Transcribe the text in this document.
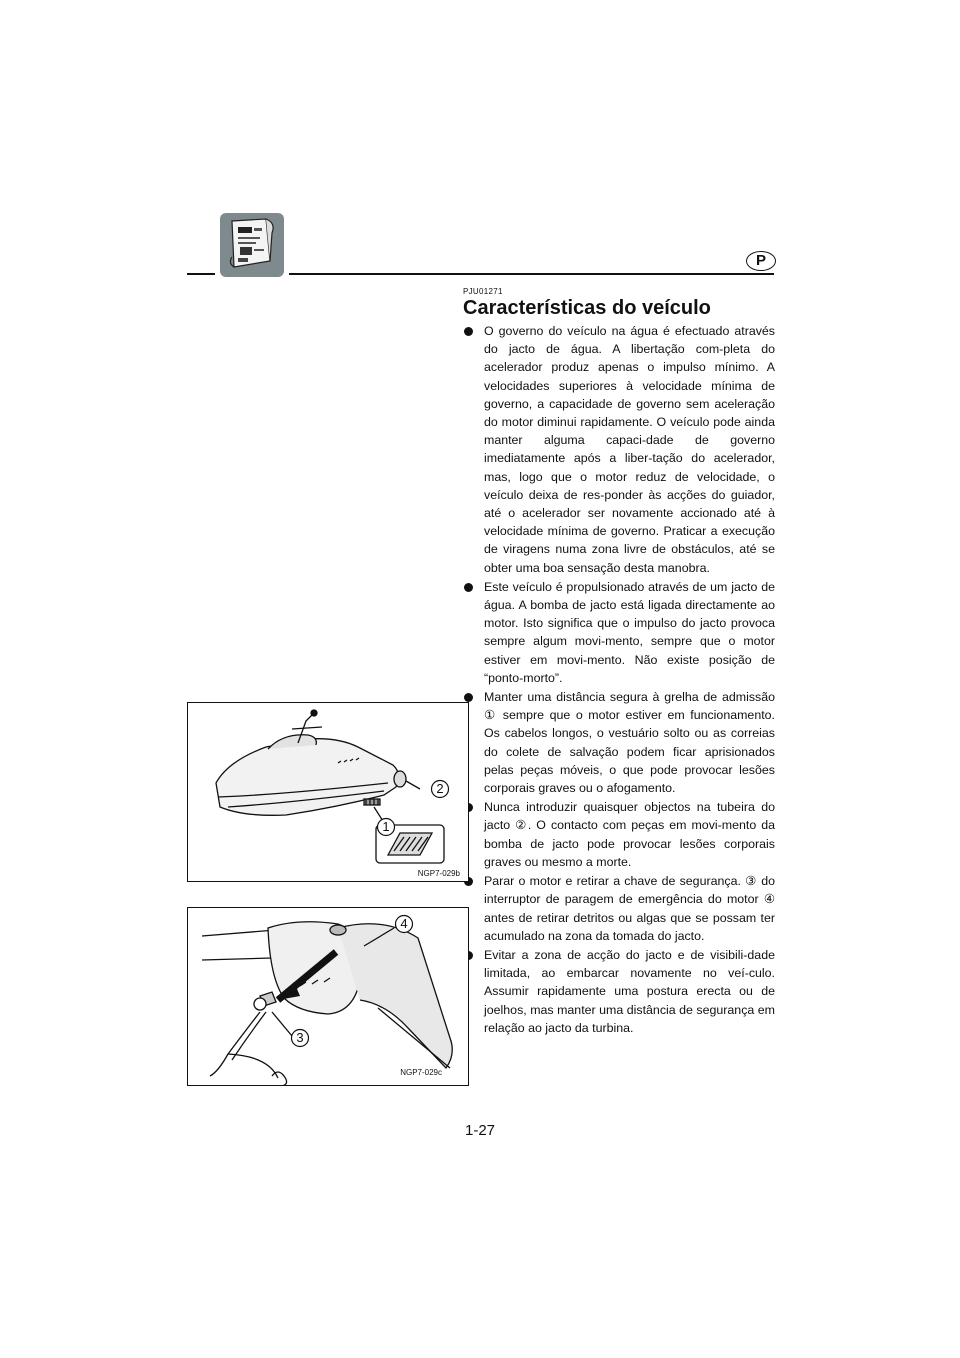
P
PJU01271
Características do veículo
O governo do veículo na água é efectuado através do jacto de água. A libertação com-pleta do acelerador produz apenas o impulso mínimo. A velocidades superiores à velocidade mínima de governo, a capacidade de governo sem aceleração do motor diminui rapidamente. O veículo pode ainda manter alguma capaci-dade de governo imediatamente após a liber-tação do acelerador, mas, logo que o motor reduz de velocidade, o veículo deixa de res-ponder às acções do guiador, até o acelerador ser novamente accionado até à velocidade mínima de governo. Praticar a execução de viragens numa zona livre de obstáculos, até se obter uma boa sensação desta manobra.
Este veículo é propulsionado através de um jacto de água. A bomba de jacto está ligada directamente ao motor. Isto significa que o impulso do jacto provoca sempre algum movi-mento, sempre que o motor estiver em movi-mento. Não existe posição de “ponto-morto”.
Manter uma distância segura à grelha de admissão ① sempre que o motor estiver em funcionamento. Os cabelos longos, o vestuário solto ou as correias do colete de salvação podem ficar aprisionados pelas peças móveis, o que pode provocar lesões corporais graves ou o afogamento.
Nunca introduzir quaisquer objectos na tubeira do jacto ②. O contacto com peças em movi-mento da bomba de jacto pode provocar lesões corporais graves ou mesmo a morte.
Parar o motor e retirar a chave de segurança. ③ do interruptor de paragem de emergência do motor ④ antes de retirar detritos ou algas que se possam ter acumulado na zona da tomada do jacto.
Evitar a zona de acção do jacto e de visibili-dade limitada, ao embarcar novamente no veí-culo. Assumir rapidamente uma postura erecta ou de joelhos, mas manter uma distância de segurança em relação ao jacto da turbina.
1
2
NGP7-029b
4
3
NGP7-029c
1-27
